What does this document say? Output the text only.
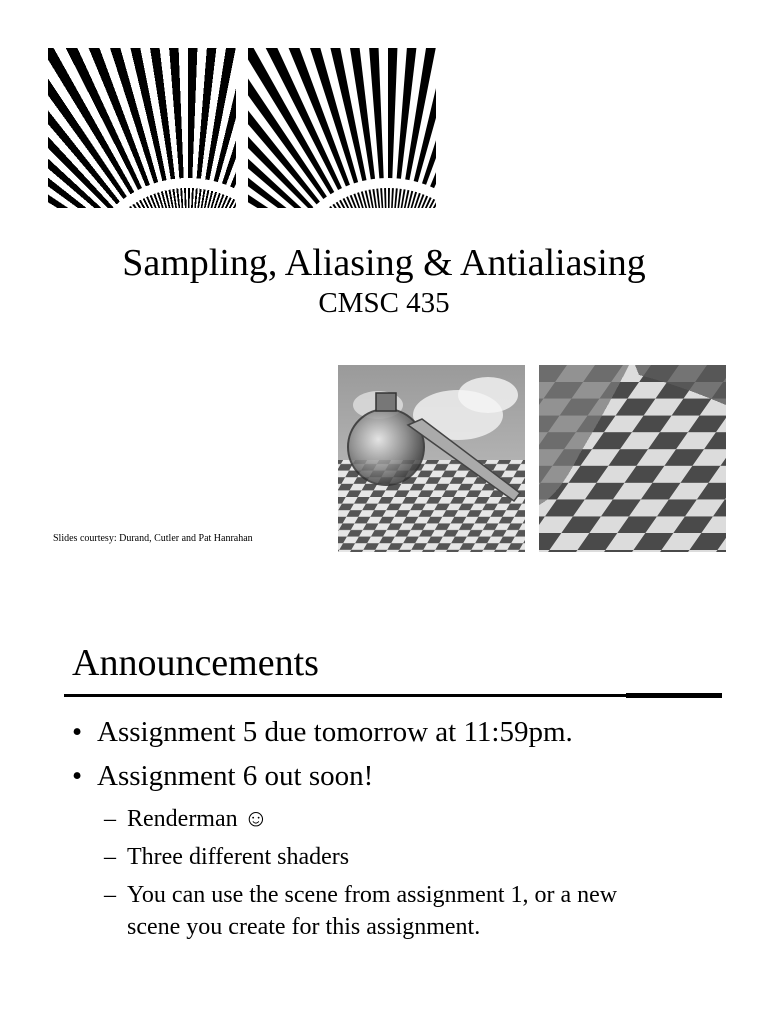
Sampling, Aliasing & Antialiasing
CMSC 435
Slides courtesy: Durand, Cutler and Pat Hanrahan
Announcements
• Assignment 5 due tomorrow at 11:59pm.
• Assignment 6 out soon!
– Renderman ☺
– Three different shaders
– You can use the scene from assignment 1, or a new
scene you create for this assignment.
